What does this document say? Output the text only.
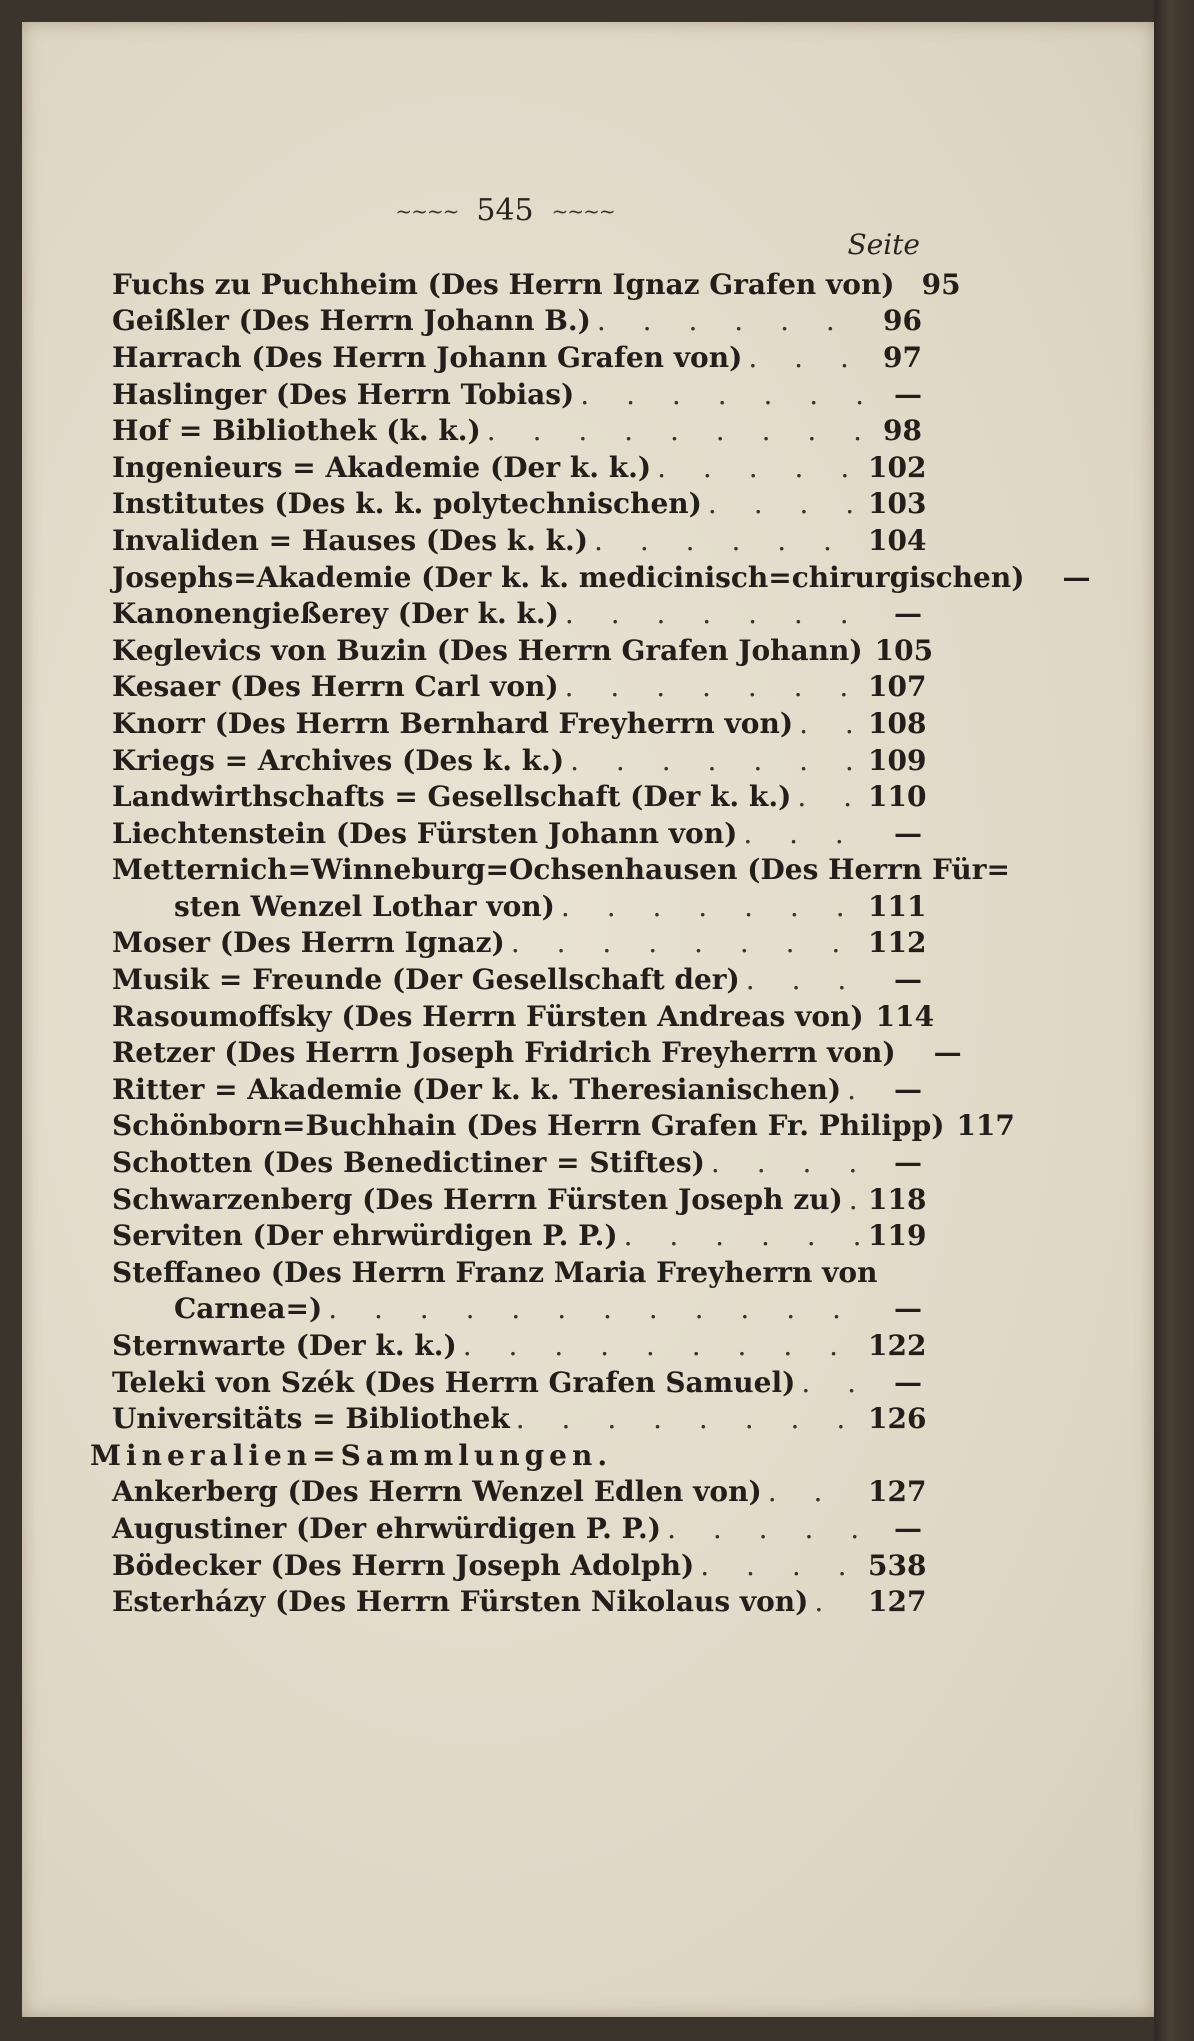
~~~~ 545 ~~~~
Seite
Fuchs zu Puchheim (Des Herrn Ignaz Grafen von) 95
Geißler (Des Herrn Johann B.) . . .	96
Harrach (Des Herrn Johann Grafen von) . . .	97
Haslinger (Des Herrn Tobias) . . .	—
Hof = Bibliothek (k. k.) . . .	98
Ingenieurs = Akademie (Der k. k.) . . .	102
Institutes (Des k. k. polytechnischen) . . .	103
Invaliden = Hauses (Des k. k.) . . .	104
Josephs=Akademie (Der k. k. medicinisch=chirurgischen)	—
Kanonengießerey (Der k. k.) . . .	—
Keglevics von Buzin (Des Herrn Grafen Johann) 105
Kesaer (Des Herrn Carl von) . . .	107
Knorr (Des Herrn Bernhard Freyherrn von) . . .	108
Kriegs = Archives (Des k. k.) . . .	109
Landwirthschafts = Gesellschaft (Der k. k.) . . .	110
Liechtenstein (Des Fürsten Johann von) . . .	—
Metternich=Winneburg=Ochsenhausen (Des Herrn Für=
sten Wenzel Lothar von) . . .	111
Moser (Des Herrn Ignaz) . . .	112
Musik = Freunde (Der Gesellschaft der) . . .	—
Rasoumoffsky (Des Herrn Fürsten Andreas von) 114
Retzer (Des Herrn Joseph Fridrich Freyherrn von)	—
Ritter = Akademie (Der k. k. Theresianischen) . . .	—
Schönborn=Buchhain (Des Herrn Grafen Fr. Philipp) 117
Schotten (Des Benedictiner = Stiftes) . . .	—
Schwarzenberg (Des Herrn Fürsten Joseph zu) . . . 118
Serviten (Der ehrwürdigen P. P.) . . .	119
Steffaneo (Des Herrn Franz Maria Freyherrn von
Carnea=) . . .	—
Sternwarte (Der k. k.) . . .	122
Teleki von Szék (Des Herrn Grafen Samuel) . . .	—
Universitäts = Bibliothek . . .	126
Mineralien=Sammlungen.
Ankerberg (Des Herrn Wenzel Edlen von) . . .	127
Augustiner (Der ehrwürdigen P. P.) . . .	—
Bödecker (Des Herrn Joseph Adolph) . . .	538
Esterházy (Des Herrn Fürsten Nikolaus von) . . . 127
